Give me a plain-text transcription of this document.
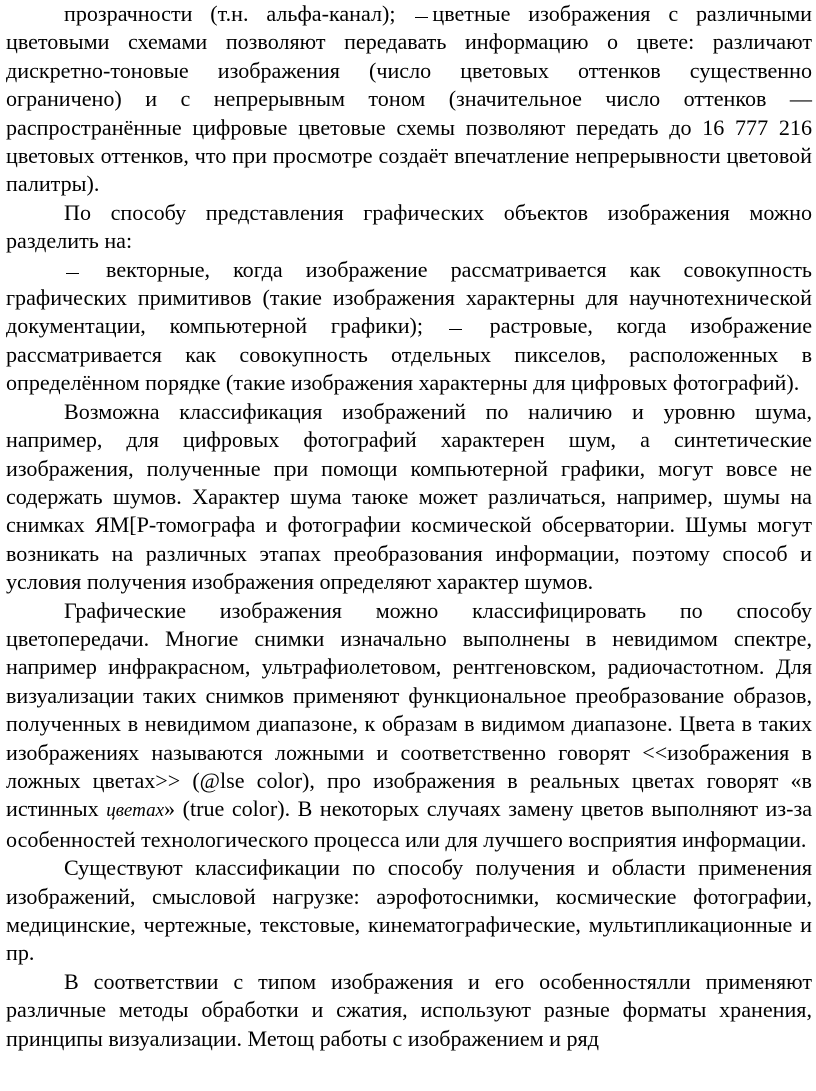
прозрачности (т.н. альфа-канал); цветные изображения с различными цветовыми схемами позволяют передавать информацию о цвете: различают дискретно-тоновые изображения (число цветовых оттенков существенно ограничено) и с непрерывным тоном (значительное число оттенков — распространённые цифровые цветовые схемы позволяют передать до 16 777 216 цветовых оттенков, что при просмотре создаёт впечатление непрерывности цветовой палитры).

По способу представления графических объектов изображения можно разделить на:

векторные, когда изображение рассматривается как совокупность графических примитивов (такие изображения характерны для научнотехнической документации, компьютерной графики);  растровые, когда изображение рассматривается как совокупность отдельных пикселов, расположенных в определённом порядке (такие изображения характерны для цифровых фотографий).

Возможна классификация изображений по наличию и уровню шума, например, для цифровых фотографий характерен шум, а синтетические изображения, полученные при помощи компьютерной графики, могут вовсе не содержать шумов. Характер шума таюке может различаться, например, шумы на снимках ЯМ[Р-томографа и фотографии космической обсерватории. Шумы могут возникать на различных этапах преобразования информации, поэтому способ и условия получения изображения определяют характер шумов.

Графические изображения можно классифицировать по способу цветопередачи. Многие снимки изначально выполнены в невидимом спектре, например инфракрасном, ультрафиолетовом, рентгеновском, радиочастотном. Для визуализации таких снимков применяют функциональное преобразование образов, полученных в невидимом диапазоне, к образам в видимом диапазоне. Цвета в таких изображениях называются ложными и соответственно говорят <<изображения в ложных цветах>> (@lse color), про изображения в реальных цветах говорят «в истинных цветах» (true color). В некоторых случаях замену цветов выполняют из-за особенностей технологического процесса или для лучшего восприятия информации.

Существуют классификации по способу получения и области применения изображений, смысловой нагрузке: аэрофотоснимки, космические фотографии, медицинские, чертежные, текстовые, кинематографические, мультипликационные и пр.

В соответствии с типом изображения и его особенностялли применяют различные методы обработки и сжатия, используют разные форматы хранения, принципы визуализации. Метощ работы с изображением и ряд
